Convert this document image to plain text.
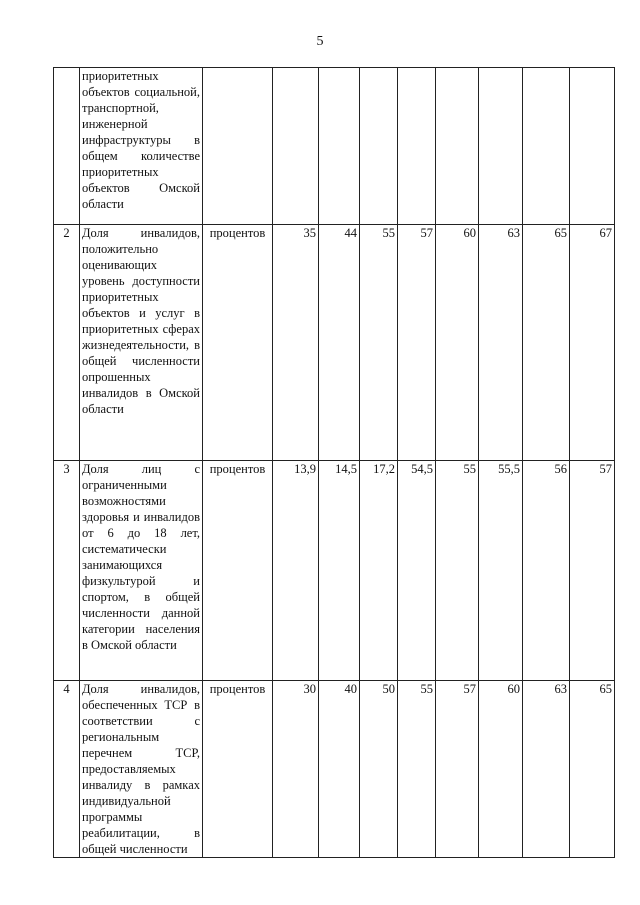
5
	приоритетных объектов социальной, транспортной, инженерной инфраструктуры в общем количестве приоритетных объектов Омской области									
2	Доля инвалидов, положительно оценивающих уровень доступности приоритетных объектов и услуг в приоритетных сферах жизнедеятельности, в общей численности опрошенных инвалидов в Омской области	процентов	35	44	55	57	60	63	65	67
3	Доля лиц с ограниченными возможностями здоровья и инвалидов от 6 до 18 лет, систематически занимающихся физкультурой и спортом, в общей численности данной категории населения в Омской области	процентов	13,9	14,5	17,2	54,5	55	55,5	56	57
4	Доля инвалидов, обеспеченных ТСР в соответствии с региональным перечнем ТСР, предоставляемых инвалиду в рамках индивидуальной программы реабилитации, в общей численности	процентов	30	40	50	55	57	60	63	65
